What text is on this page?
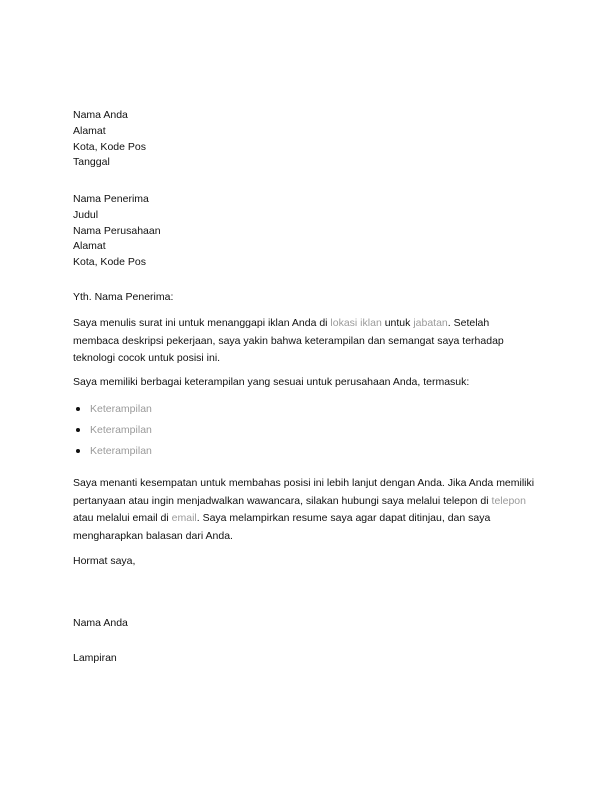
Nama Anda
Alamat
Kota, Kode Pos
Tanggal
Nama Penerima
Judul
Nama Perusahaan
Alamat
Kota, Kode Pos
Yth. Nama Penerima:

Saya menulis surat ini untuk menanggapi iklan Anda di lokasi iklan untuk jabatan. Setelah membaca deskripsi pekerjaan, saya yakin bahwa keterampilan dan semangat saya terhadap teknologi cocok untuk posisi ini.

Saya memiliki berbagai keterampilan yang sesuai untuk perusahaan Anda, termasuk:

Keterampilan
Keterampilan
Keterampilan

Saya menanti kesempatan untuk membahas posisi ini lebih lanjut dengan Anda. Jika Anda memiliki pertanyaan atau ingin menjadwalkan wawancara, silakan hubungi saya melalui telepon di telepon atau melalui email di email. Saya melampirkan resume saya agar dapat ditinjau, dan saya mengharapkan balasan dari Anda.

Hormat saya,
Nama Anda
Lampiran
